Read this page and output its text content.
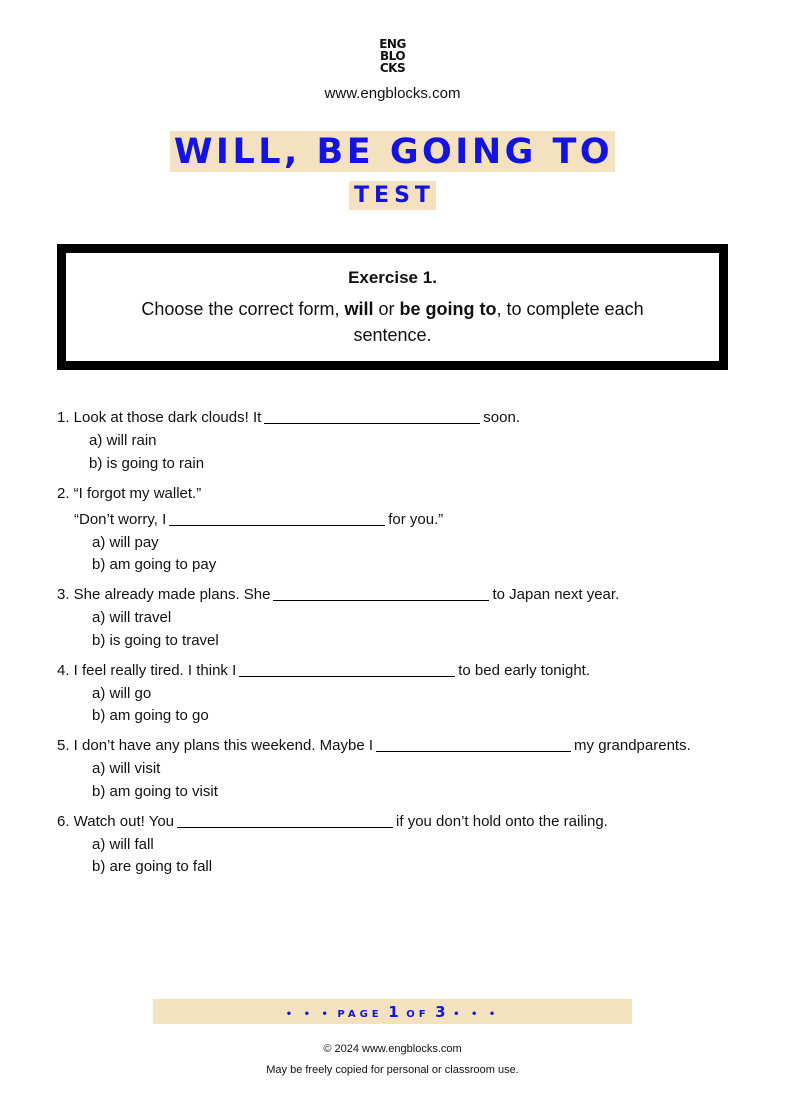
ENG
BLO
CKS
www.engblocks.com
WILL, BE GOING TO
TEST
Exercise 1.
Choose the correct form, will or be going to, to complete each sentence.
1. Look at those dark clouds! It	soon.
a) will rain
b) is going to rain
2. “I forgot my wallet.”
“Don’t worry, I	for you.”
a) will pay
b) am going to pay
3. She already made plans. She	to Japan next year.
a) will travel
b) is going to travel
4. I feel really tired. I think I	to bed early tonight.
a) will go
b) am going to go
5. I don’t have any plans this weekend. Maybe I	my grandparents.
a) will visit
b) am going to visit
6. Watch out! You	if you don’t hold onto the railing.
a) will fall
b) are going to fall
• • • PAGE 1 OF 3 • • •
© 2024 www.engblocks.com
May be freely copied for personal or classroom use.
